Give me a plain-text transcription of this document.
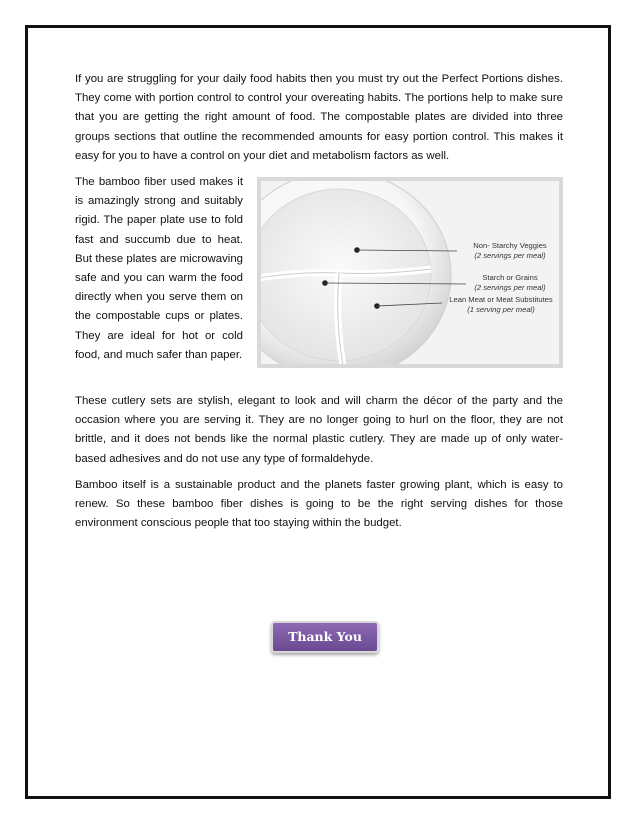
If you are struggling for your daily food habits then you must try out the Perfect Portions dishes. They come with portion control to control your overeating habits. The portions help to make sure that you are getting the right amount of food. The compostable plates are divided into three groups sections that outline the recommended amounts for easy portion control. This makes it easy for you to have a control on your diet and metabolism factors as well.

The bamboo fiber used makes it is amazingly strong and suitably rigid. The paper plate use to fold fast and succumb due to heat. But these plates are microwaving safe and you can warm the food directly when you serve them on the compostable cups or plates. They are ideal for hot or cold food, and much safer than paper.

Non- Starchy Veggies
(2 servings per meal)
Starch or Grains
(2 servings per meal)
Lean Meat or Meat Substitutes
(1 serving per meal)

These cutlery sets are stylish, elegant to look and will charm the décor of the party and the occasion where you are serving it. They are no longer going to hurl on the floor, they are not brittle, and it does not bends like the normal plastic cutlery. They are made up of only water-based adhesives and do not use any type of formaldehyde.

Bamboo itself is a sustainable product and the planets faster growing plant, which is easy to renew. So these bamboo fiber dishes is going to be the right serving dishes for those environment conscious people that too staying within the budget.

Thank You
